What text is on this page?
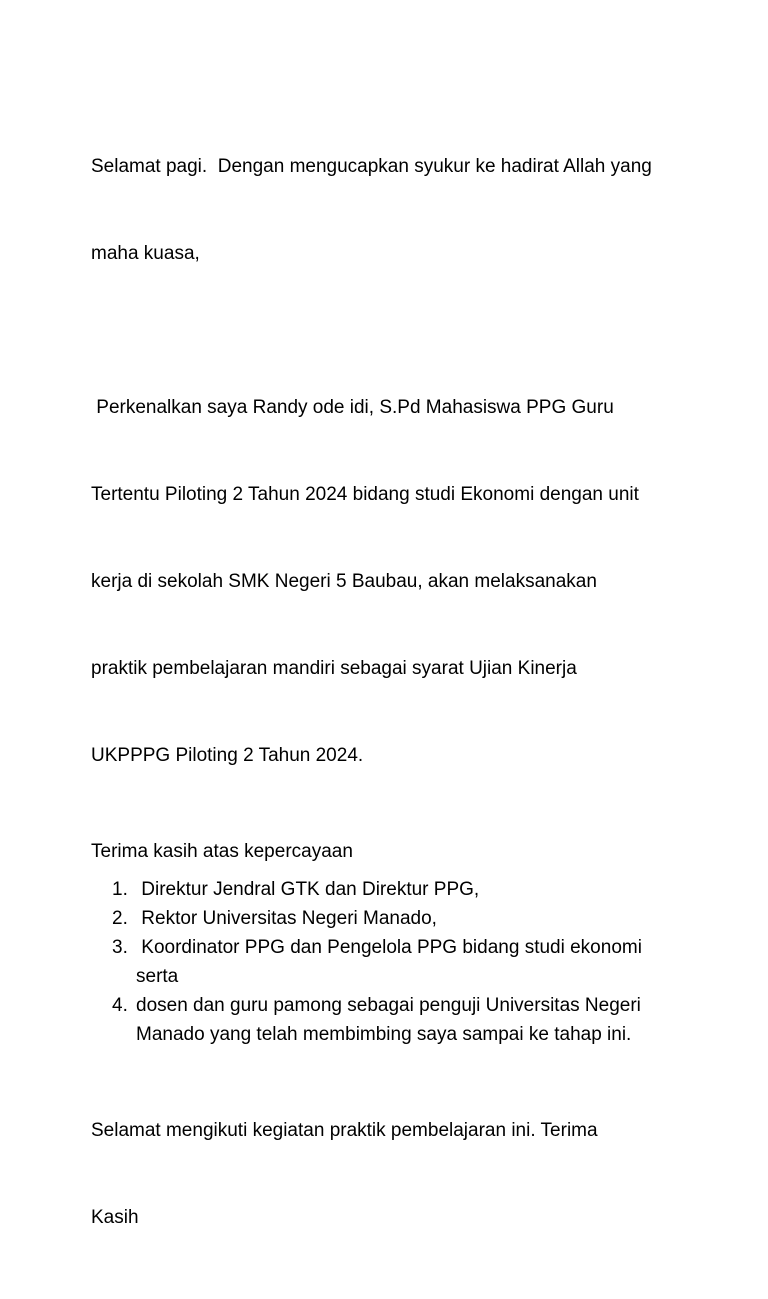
Selamat pagi.  Dengan mengucapkan syukur ke hadirat Allah yang

maha kuasa,

Perkenalkan saya Randy ode idi, S.Pd Mahasiswa PPG Guru

Tertentu Piloting 2 Tahun 2024 bidang studi Ekonomi dengan unit

kerja di sekolah SMK Negeri 5 Baubau, akan melaksanakan

praktik pembelajaran mandiri sebagai syarat Ujian Kinerja

UKPPPG Piloting 2 Tahun 2024.

Terima kasih atas kepercayaan

1. Direktur Jendral GTK dan Direktur PPG,
2. Rektor Universitas Negeri Manado,
3. Koordinator PPG dan Pengelola PPG bidang studi ekonomi
serta
4. dosen dan guru pamong sebagai penguji Universitas Negeri
Manado yang telah membimbing saya sampai ke tahap ini.

Selamat mengikuti kegiatan praktik pembelajaran ini. Terima

Kasih
